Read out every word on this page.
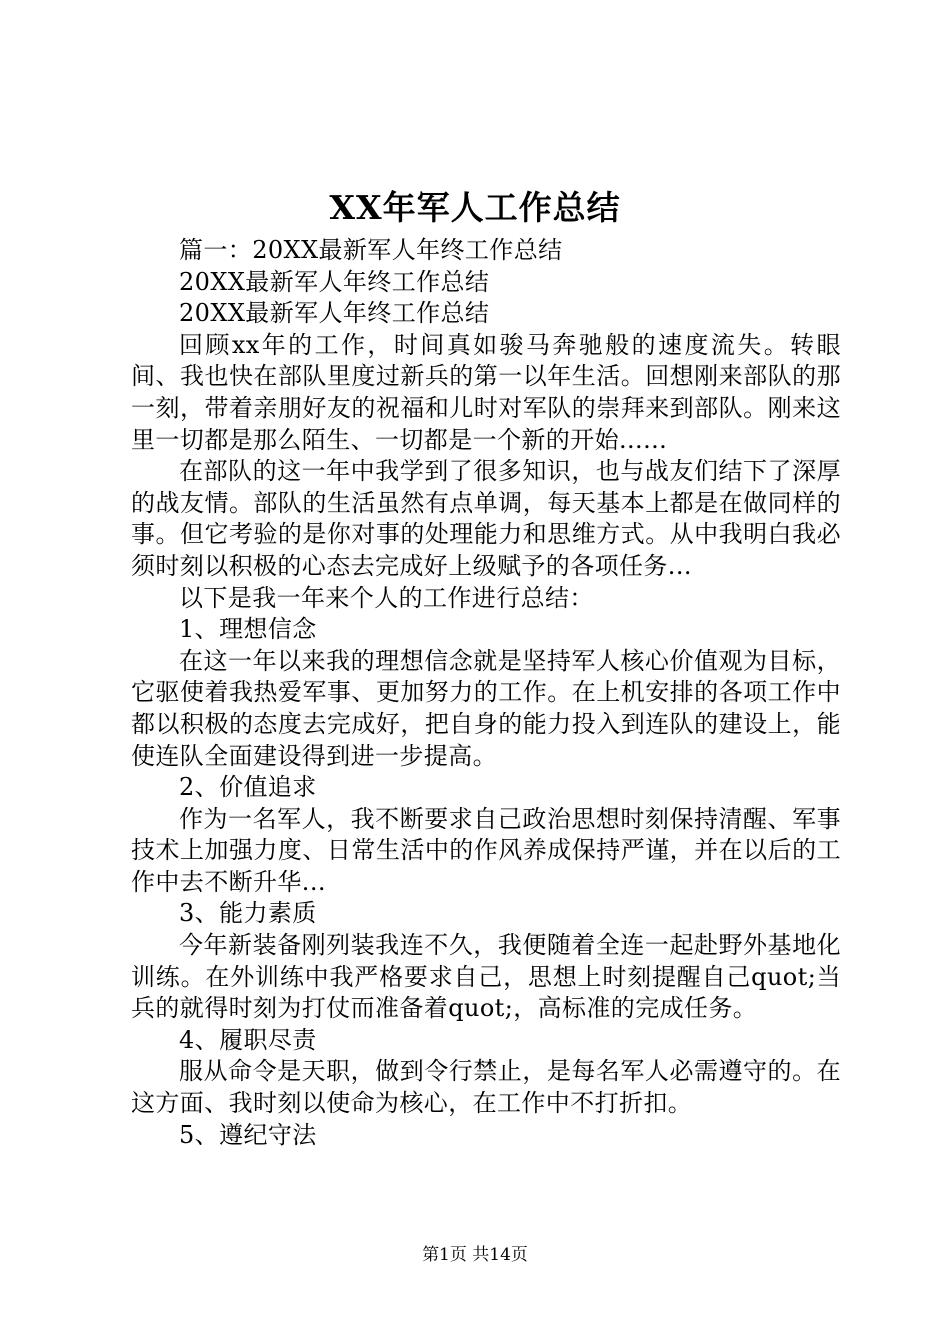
XX年军人工作总结

篇一：20XX最新军人年终工作总结

20XX最新军人年终工作总结

20XX最新军人年终工作总结

回顾xx年的工作，时间真如骏马奔驰般的速度流失。转眼间、我也快在部队里度过新兵的第一以年生活。回想刚来部队的那一刻，带着亲朋好友的祝福和儿时对军队的崇拜来到部队。刚来这里一切都是那么陌生、一切都是一个新的开始......

在部队的这一年中我学到了很多知识，也与战友们结下了深厚的战友情。部队的生活虽然有点单调，每天基本上都是在做同样的事。但它考验的是你对事的处理能力和思维方式。从中我明白我必须时刻以积极的心态去完成好上级赋予的各项任务...

以下是我一年来个人的工作进行总结：

1、理想信念

在这一年以来我的理想信念就是坚持军人核心价值观为目标，它驱使着我热爱军事、更加努力的工作。在上机安排的各项工作中都以积极的态度去完成好，把自身的能力投入到连队的建设上，能使连队全面建设得到进一步提高。

2、价值追求

作为一名军人，我不断要求自己政治思想时刻保持清醒、军事技术上加强力度、日常生活中的作风养成保持严谨，并在以后的工作中去不断升华...

3、能力素质

今年新装备刚列装我连不久，我便随着全连一起赴野外基地化训练。在外训练中我严格要求自己，思想上时刻提醒自己quot;当兵的就得时刻为打仗而准备着quot;，高标准的完成任务。

4、履职尽责

服从命令是天职，做到令行禁止，是每名军人必需遵守的。在这方面、我时刻以使命为核心，在工作中不打折扣。

5、遵纪守法

第1页 共14页
